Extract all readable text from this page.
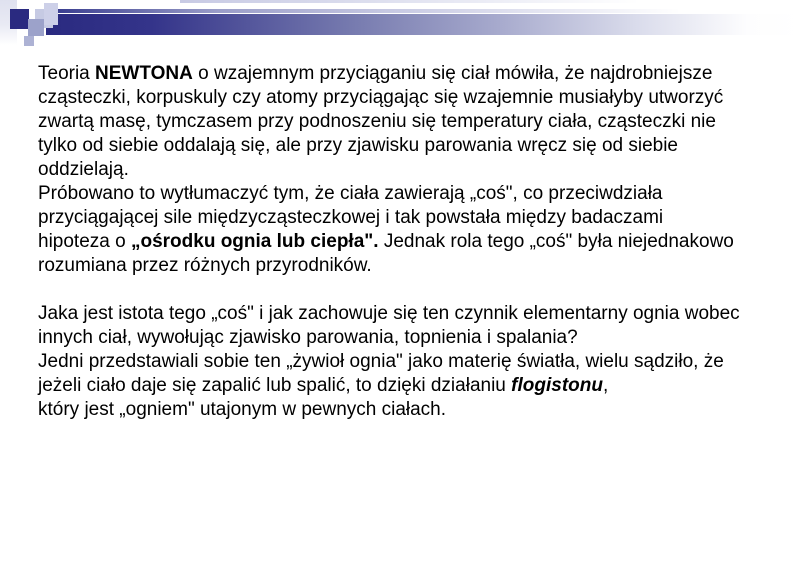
Teoria NEWTONA o wzajemnym przyciąganiu się ciał mówiła, że najdrobniejsze
cząsteczki, korpuskuly czy atomy przyciągając się wzajemnie musiałyby utworzyć
zwartą masę, tymczasem przy podnoszeniu się temperatury ciała, cząsteczki nie
tylko od siebie oddalają się, ale przy zjawisku parowania wręcz się od siebie
oddzielają.
Próbowano to wytłumaczyć tym, że ciała zawierają „coś", co przeciwdziała
przyciągającej sile międzycząsteczkowej i tak powstała między badaczami
hipoteza o „ośrodku ognia lub ciepła". Jednak rola tego „coś" była niejednakowo
rozumiana przez różnych przyrodników.

Jaka jest istota tego „coś" i jak zachowuje się ten czynnik elementarny ognia wobec
innych ciał, wywołując zjawisko parowania, topnienia i spalania?
Jedni przedstawiali sobie ten „żywioł ognia" jako materię światła, wielu sądziło, że
jeżeli ciało daje się zapalić lub spalić, to dzięki działaniu flogistonu,
który jest „ogniem" utajonym w pewnych ciałach.
